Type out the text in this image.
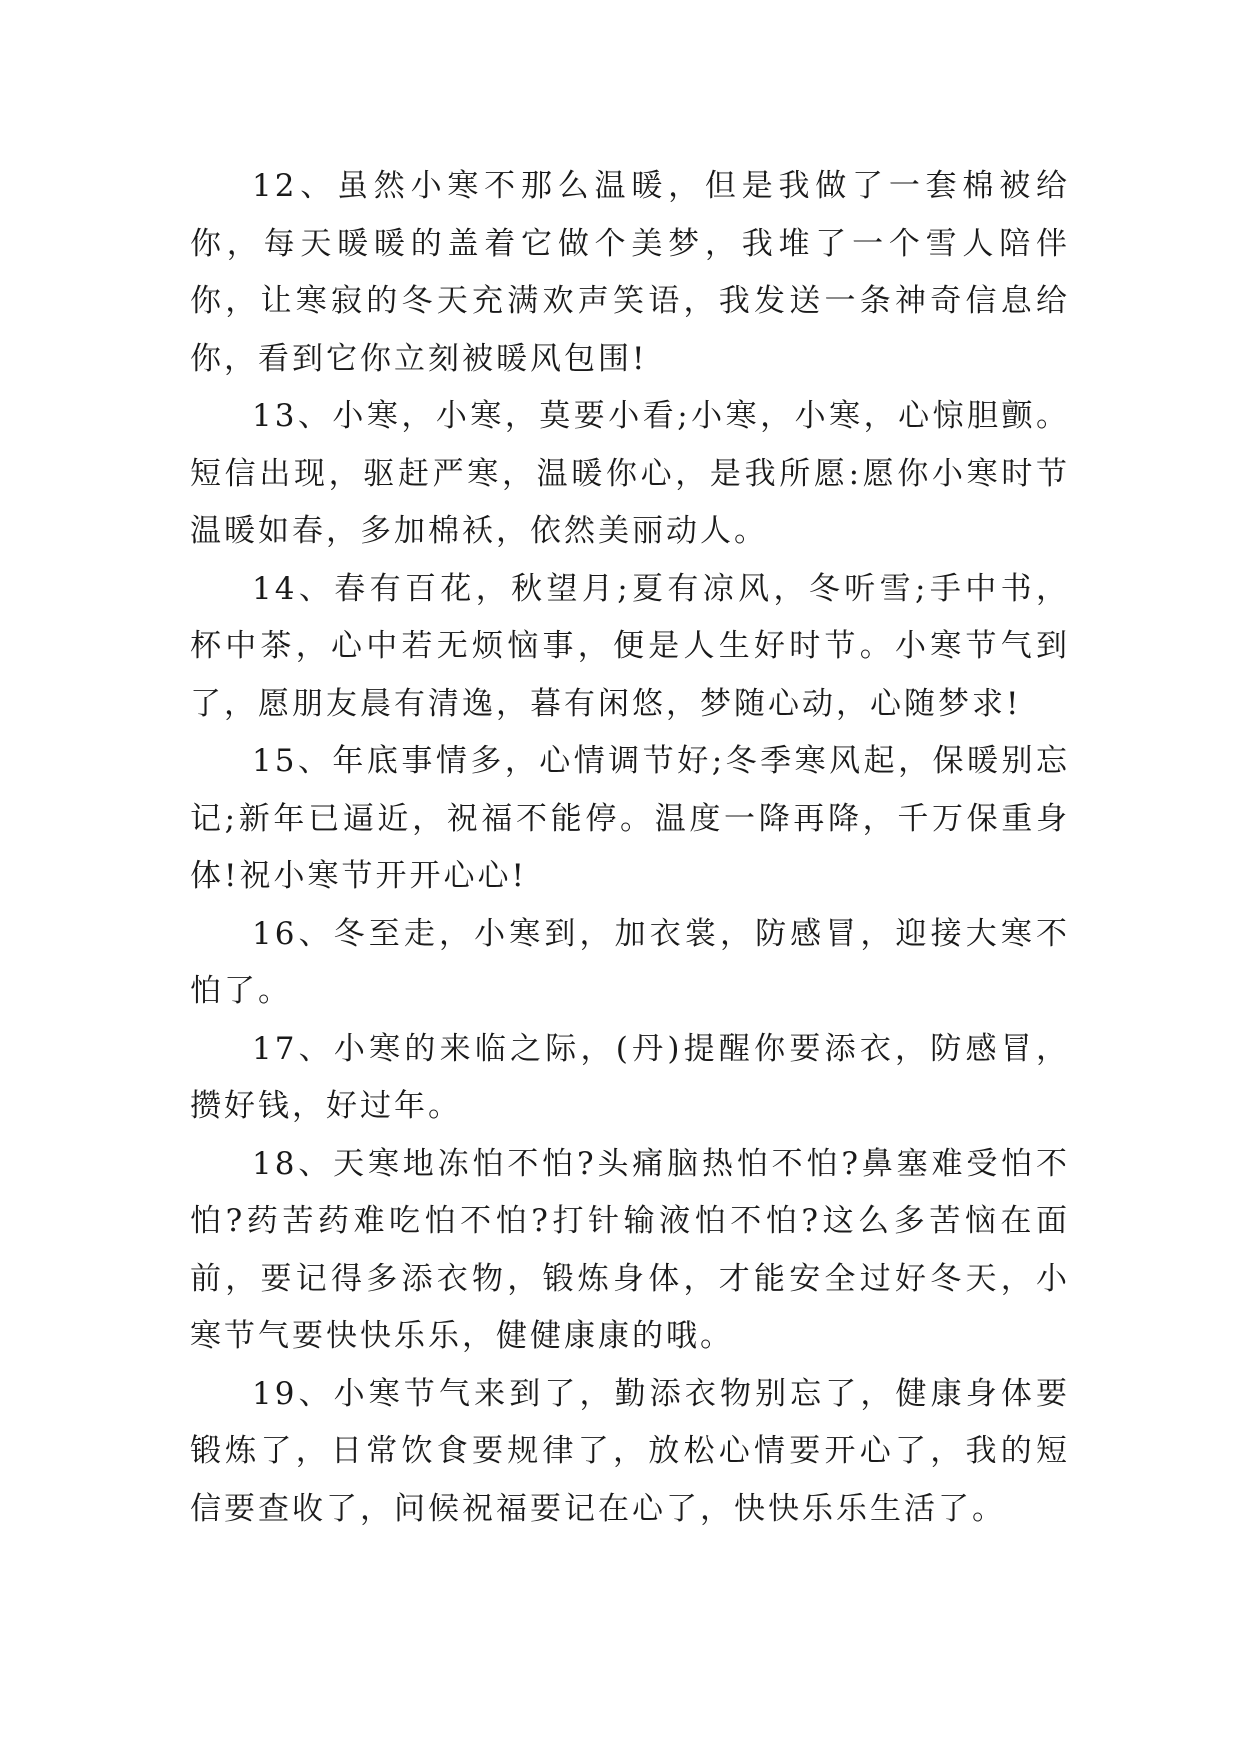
12、虽然小寒不那么温暖，但是我做了一套棉被给你，每天暖暖的盖着它做个美梦，我堆了一个雪人陪伴你，让寒寂的冬天充满欢声笑语，我发送一条神奇信息给你，看到它你立刻被暖风包围!

13、小寒，小寒，莫要小看;小寒，小寒，心惊胆颤。短信出现，驱赶严寒，温暖你心，是我所愿:愿你小寒时节温暖如春，多加棉袄，依然美丽动人。

14、春有百花，秋望月;夏有凉风，冬听雪;手中书，杯中茶，心中若无烦恼事，便是人生好时节。小寒节气到了，愿朋友晨有清逸，暮有闲悠，梦随心动，心随梦求!

15、年底事情多，心情调节好;冬季寒风起，保暖别忘记;新年已逼近，祝福不能停。温度一降再降，千万保重身体!祝小寒节开开心心!

16、冬至走，小寒到，加衣裳，防感冒，迎接大寒不怕了。

17、小寒的来临之际，(丹)提醒你要添衣，防感冒，攒好钱，好过年。

18、天寒地冻怕不怕?头痛脑热怕不怕?鼻塞难受怕不怕?药苦药难吃怕不怕?打针输液怕不怕?这么多苦恼在面前，要记得多添衣物，锻炼身体，才能安全过好冬天，小寒节气要快快乐乐，健健康康的哦。

19、小寒节气来到了，勤添衣物别忘了，健康身体要锻炼了，日常饮食要规律了，放松心情要开心了，我的短信要查收了，问候祝福要记在心了，快快乐乐生活了。
